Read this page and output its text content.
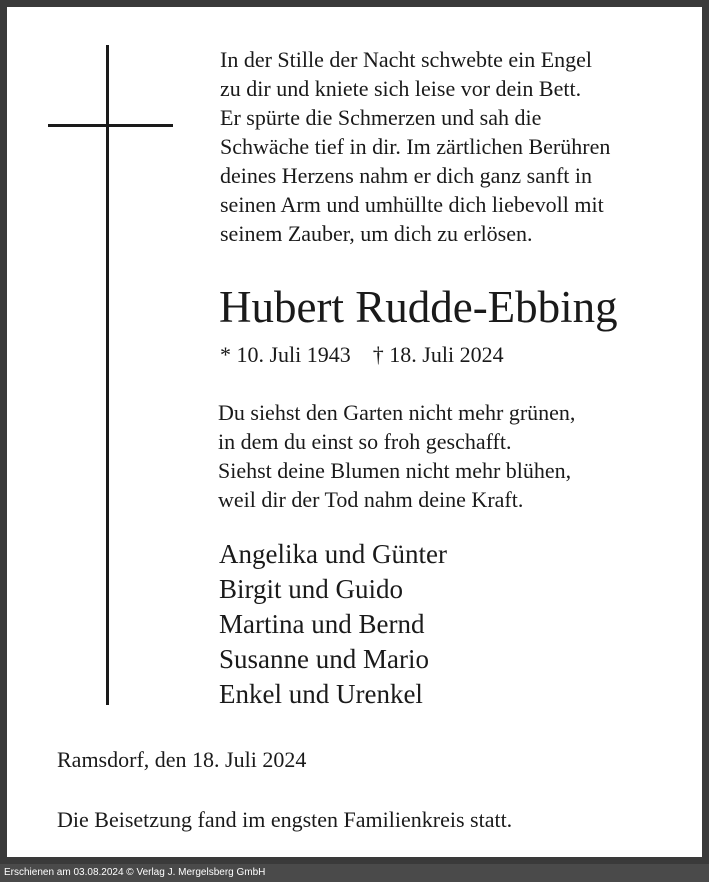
In der Stille der Nacht schwebte ein Engel
zu dir und kniete sich leise vor dein Bett.
Er spürte die Schmerzen und sah die
Schwäche tief in dir. Im zärtlichen Berühren
deines Herzens nahm er dich ganz sanft in
seinen Arm und umhüllte dich liebevoll mit
seinem Zauber, um dich zu erlösen.
Hubert Rudde-Ebbing
* 10. Juli 1943 † 18. Juli 2024
Du siehst den Garten nicht mehr grünen,
in dem du einst so froh geschafft.
Siehst deine Blumen nicht mehr blühen,
weil dir der Tod nahm deine Kraft.
Angelika und Günter
Birgit und Guido
Martina und Bernd
Susanne und Mario
Enkel und Urenkel
Ramsdorf, den 18. Juli 2024
Die Beisetzung fand im engsten Familienkreis statt.
Erschienen am 03.08.2024 © Verlag J. Mergelsberg GmbH
